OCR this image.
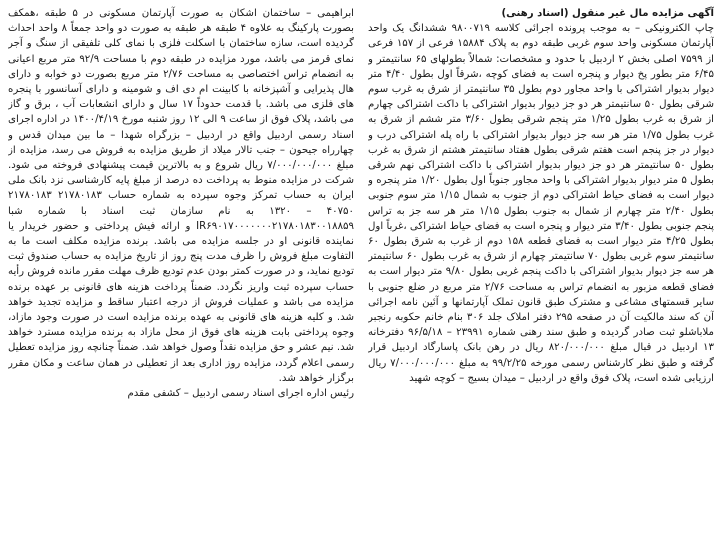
آگهی مزایده مال غیر منقول (اسناد رهنی)
چاپ الکترونیکی – به موجب پرونده اجرائی کلاسه ۹۸۰۰۷۱۹ ششدانگ یک واحد آپارتمان مسکونی واحد سوم غربی طبقه دوم به پلاک ۱۵۸۸۴ فرعی از ۱۵۷ فرعی از ۷۵۹۹ اصلی بخش ۲ اردبیل با حدود و مشخصات: شمالاً بطولهای ۶۵ سانتیمتر و ۶/۴۵ متر بطور پخ دیوار و پنجره است به فضای کوچه ،شرقاً اول بطول ۴/۴۰ متر دیوار بدیوار اشتراکی با واحد مجاور دوم بطول ۳۵ سانتیمتر از شرق به غرب سوم شرقی بطول ۵۰ سانتیمتر هر دو جز دیوار بدیوار اشتراکی با داکت اشتراکی چهارم از شرق به غرب بطول ۱/۲۵ متر پنجم شرقی بطول ۳/۶۰ متر ششم از شرق به غرب بطول ۱/۷۵ متر هر سه جز دیوار بدیوار اشتراکی با راه پله اشتراکی درب و دیوار در جز پنجم است هفتم شرقی بطول هفتاد سانتیمتر هشتم از شرق به غرب بطول ۵۰ سانتیمتر هر دو جز دیوار بدیوار اشتراکی با داکت اشتراکی نهم شرقی بطول ۵ متر دیوار بدیوار اشتراکی با واحد مجاور جنوباً اول بطول ۱/۲۰ متر پنجره و دیوار است به فضای حیاط اشتراکی دوم از جنوب به شمال ۱/۱۵ متر سوم جنوبی بطول ۲/۴۰ متر چهارم از شمال به جنوب بطول ۱/۱۵ متر هر سه جز به تراس پنجم جنوبی بطول ۳/۴۰ متر دیوار و پنجره است به فضای حیاط اشتراکی ،غرباً اول بطول ۴/۲۵ متر دیوار است به فضای قطعه ۱۵۸ دوم از غرب به شرق بطول ۶۰ سانتیمتر سوم غربی بطول ۷۰ سانتیمتر چهارم از شرق به غرب بطول ۶۰ سانتیمتر هر سه جز دیوار بدیوار اشتراکی با داکت پنجم غربی بطول ۹/۸۰ متر دیوار است به فضای قطعه مزبور به انضمام تراس به مساحت ۲/۷۶ متر مربع در ضلع جنوبی با سایر قسمتهای مشاعی و مشترک طبق قانون تملک آپارتمانها و آئین نامه اجرائی آن که سند مالکیت آن در صفحه ۲۹۵ دفتر املاک جلد ۳۰۶ بنام خانم حکوبه رنجبر ملاباشلو ثبت صادر گردیده و طبق سند رهنی شماره ۲۳۹۹۱ – ۹۶/۵/۱۸ دفترخانه ۱۳ اردبیل در قبال مبلغ ۸۲۰/۰۰۰/۰۰۰ ریال در رهن بانک پاسارگاد اردبیل قرار گرفته و طبق نظر کارشناس رسمی مورخه ۹۹/۲/۲۵ به مبلغ ۷/۰۰۰/۰۰۰/۰۰۰ ریال ارزیابی شده است، پلاک فوق واقع در اردبیل – میدان بسیج – کوچه شهید

ابراهیمی – ساختمان اشکان به صورت آپارتمان مسکونی در ۵ طبقه ،همکف بصورت پارکینگ به علاوه ۴ طبقه هر طبقه به صورت دو واحد جمعاً ۸ واحد احداث گردیده است، سازه ساختمان با اسکلت فلزی با نمای کلی تلفیقی از سنگ و آجر نمای قرمز می باشد، مورد مزایده در طبقه دوم با مساحت ۹۲/۹ متر مربع اعیانی به انضمام تراس اختصاصی به مساحت ۲/۷۶ متر مربع بصورت دو خوابه و دارای هال پذیرایی و آشپزخانه با کابینت ام دی اف و شومینه و دارای آسانسور با پنجره های فلزی می باشد. با قدمت حدوداً ۱۷ سال و دارای انشعابات آب ، برق و گاز می باشد، پلاک فوق از ساعت ۹ الی ۱۲ روز شنبه مورخ ۱۴۰۰/۴/۱۹ در اداره اجرای اسناد رسمی اردبیل واقع در اردبیل – بزرگراه شهدا – ما بین میدان قدس و چهارراه جیحون – جنب تالار میلاد از طریق مزایده به فروش می رسد، مزایده از مبلغ ۷/۰۰۰/۰۰۰/۰۰۰ ریال شروع و به بالاترین قیمت پیشنهادی فروخته می شود. شرکت در مزایده منوط به پرداخت ده درصد از مبلغ پایه کارشناسی نزد بانک ملی ایران به حساب تمرکز وجوه سپرده به شماره حساب ۲۱۷۸۰۱۸۳ ۲۱۷۸۰۱۸۳ ۴۰۷۵۰ – ۱۳۲۰ به نام سازمان ثبت اسناد با شماره شبا IR۶۹۰۱۷۰۰۰۰۰۰۰۲۱۷۸۰۱۸۳۰۰۱۸۸۵۹ و ارائه فیش پرداختی و حضور خریدار یا نماینده قانونی او در جلسه مزایده می باشد. برنده مزایده مکلف است ما به التفاوت مبلغ فروش را ظرف مدت پنج روز از تاریخ مزایده به حساب صندوق ثبت تودیع نماید، و در صورت کمتر بودن عدم تودیع ظرف مهلت مقرر مانده فروش رأیه حساب سپرده ثبت واریز نگردد. ضمناً پرداخت هزینه های قانونی بر عهده برنده مزایده می باشد و عملیات فروش از درجه اعتبار ساقط و مزایده تجدید خواهد شد. و کلیه هزینه های قانونی به عهده برنده مزایده است در صورت وجود مازاد، وجوه پرداختی بابت هزینه های فوق از محل مازاد به برنده مزایده مسترد خواهد شد. نیم عشر و حق مزایده نقداً وصول خواهد شد. ضمناً چنانچه روز مزایده تعطیل رسمی اعلام گردد، مزایده روز اداری بعد از تعطیلی در همان ساعت و مکان مقرر برگزار خواهد شد.

رئیس اداره اجرای اسناد رسمی اردبیل – کشفی مقدم
